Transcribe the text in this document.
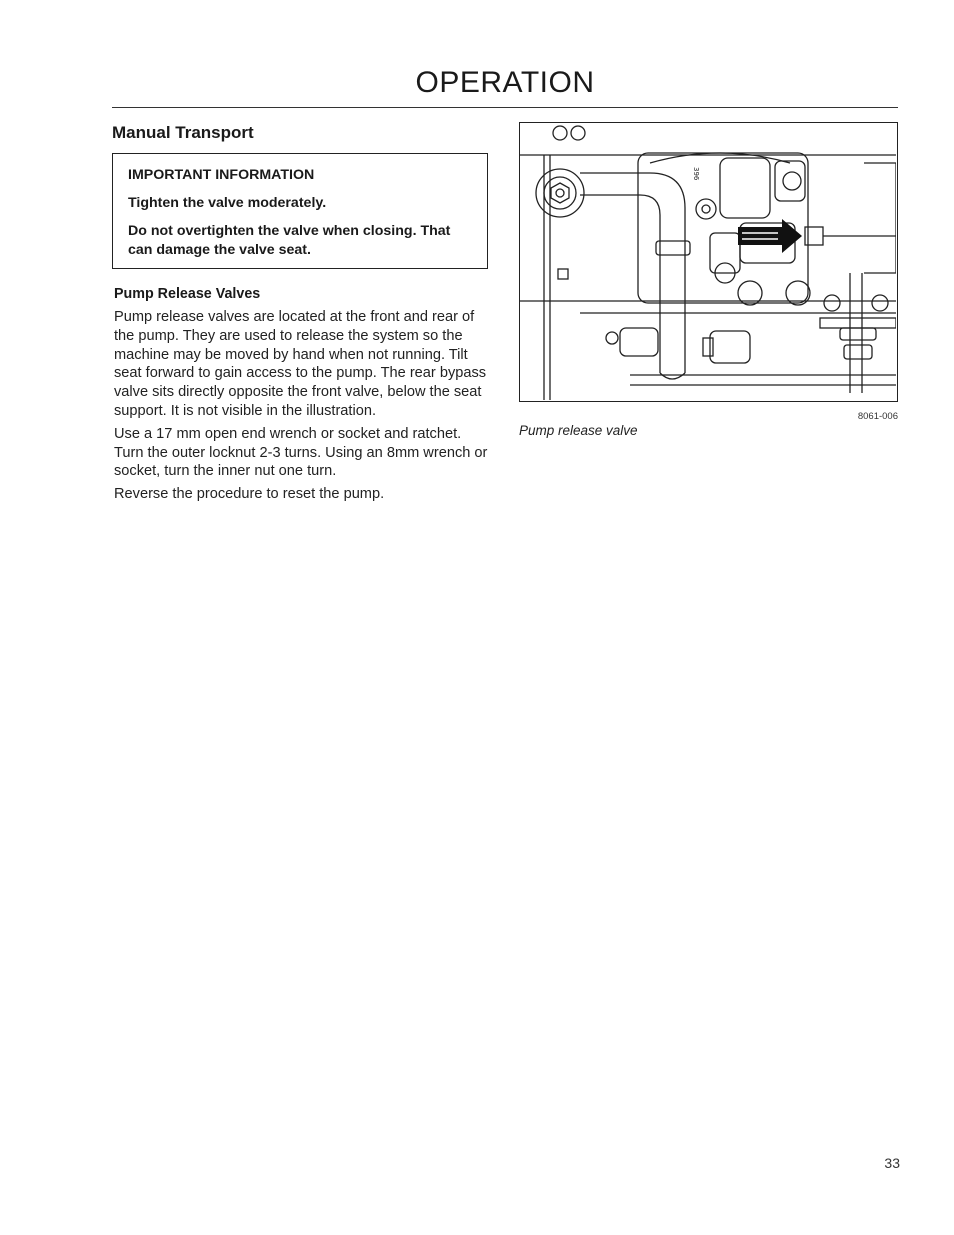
OPERATION
Manual Transport

IMPORTANT INFORMATION

Tighten the valve moderately.

Do not overtighten the valve when closing. That can damage the valve seat.

Pump Release Valves

Pump release valves are located at the front and rear of the pump. They are used to release the system so the machine may be moved by hand when not running. Tilt seat forward to gain access to the pump. The rear bypass valve sits directly opposite the front valve, below the seat support. It is not visible in the illustration.

Use a 17 mm open end wrench or socket and ratchet. Turn the outer locknut 2-3 turns. Using an 8mm wrench or socket, turn the inner nut one turn.

Reverse the procedure to reset the pump.

396
8061-006
Pump release valve
33
